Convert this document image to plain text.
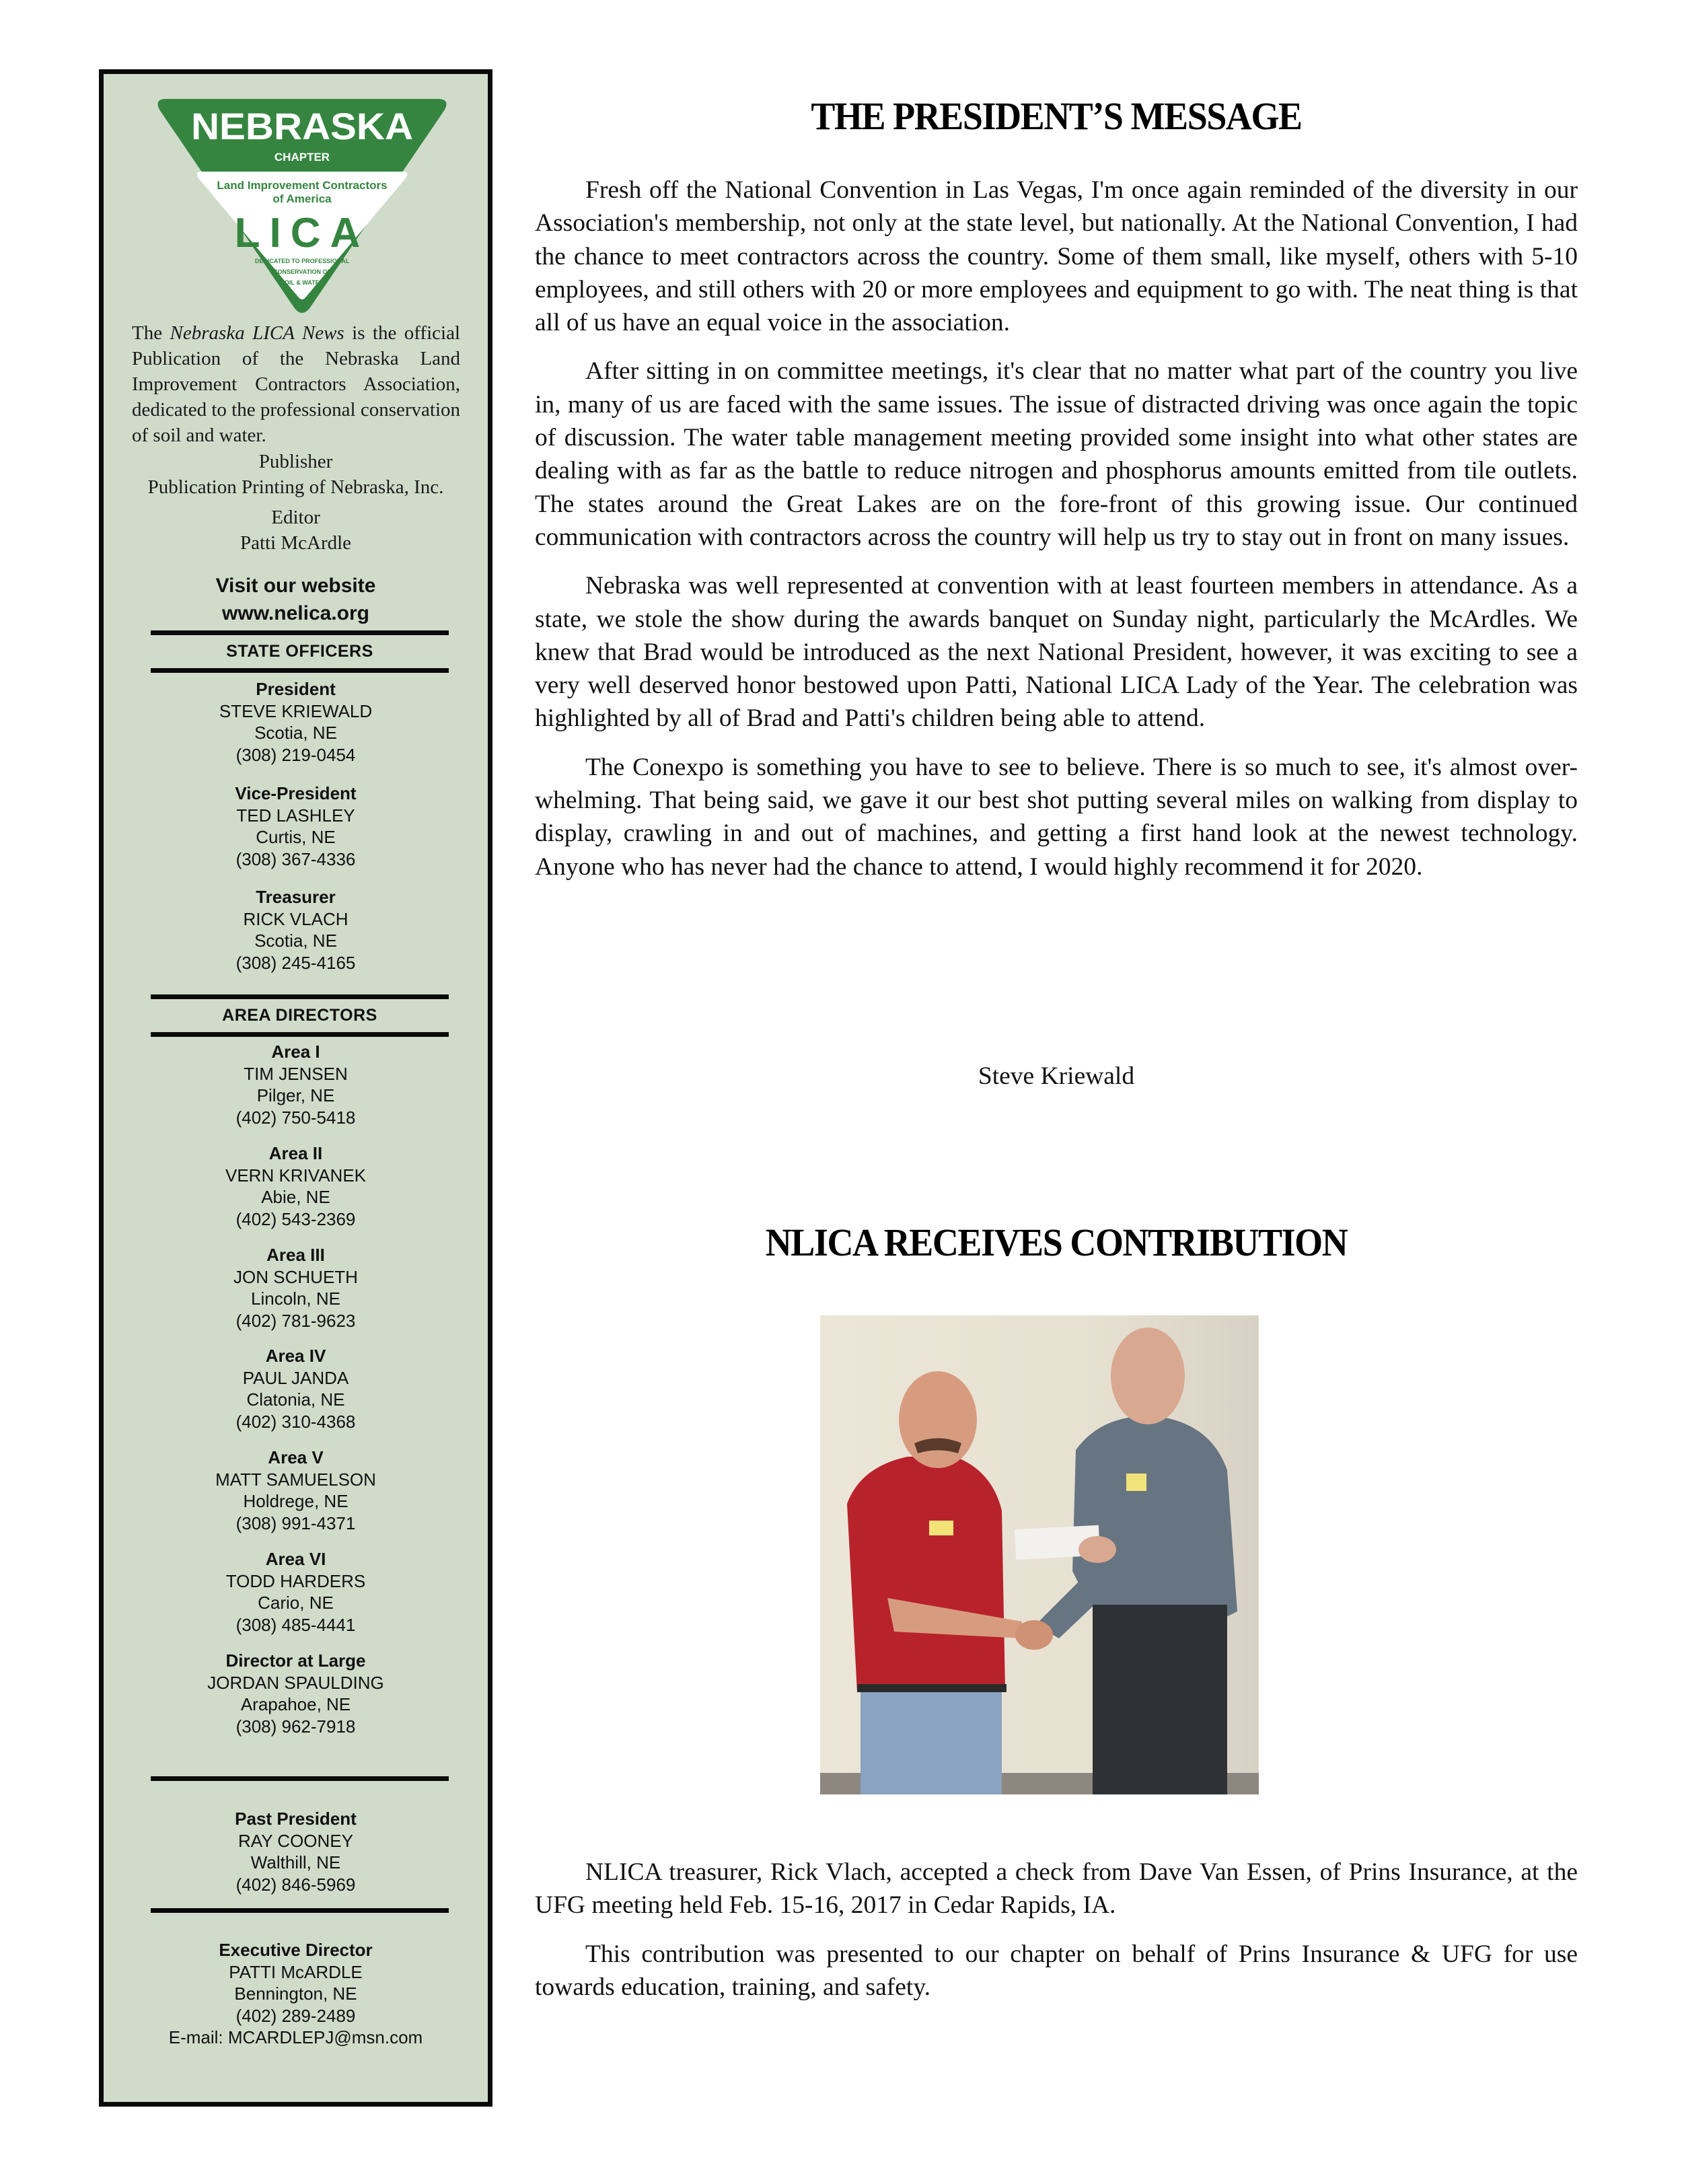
NEBRASKA
CHAPTER
Land Improvement Contractors
of America
LICA
DEDICATED TO PROFESSIONAL
CONSERVATION OF
SOIL & WATER
The Nebraska LICA News is the official Publication of the Nebraska Land Improvement Contractors Association, dedicated to the professional conservation of soil and water.
Publisher
Publication Printing of Nebraska, Inc.
Editor
Patti McArdle
Visit our website
www.nelica.org
STATE OFFICERS
President
STEVE KRIEWALD
Scotia, NE
(308) 219-0454
Vice-President
TED LASHLEY
Curtis, NE
(308) 367-4336
Treasurer
RICK VLACH
Scotia, NE
(308) 245-4165
AREA DIRECTORS
Area I
TIM JENSEN
Pilger, NE
(402) 750-5418
Area II
VERN KRIVANEK
Abie, NE
(402) 543-2369
Area III
JON SCHUETH
Lincoln, NE
(402) 781-9623
Area IV
PAUL JANDA
Clatonia, NE
(402) 310-4368
Area V
MATT SAMUELSON
Holdrege, NE
(308) 991-4371
Area VI
TODD HARDERS
Cario, NE
(308) 485-4441
Director at Large
JORDAN SPAULDING
Arapahoe, NE
(308) 962-7918
Past President
RAY COONEY
Walthill, NE
(402) 846-5969
Executive Director
PATTI McARDLE
Bennington, NE
(402) 289-2489
E-mail: MCARDLEPJ@msn.com
THE PRESIDENT’S MESSAGE

Fresh off the National Convention in Las Vegas, I'm once again reminded of the diversity in our Association's membership, not only at the state level, but nationally. At the National Convention, I had the chance to meet contractors across the country. Some of them small, like myself, others with 5-10 employees, and still others with 20 or more employees and equipment to go with. The neat thing is that all of us have an equal voice in the association.

After sitting in on committee meetings, it's clear that no matter what part of the country you live in, many of us are faced with the same issues. The issue of distracted driving was once again the topic of discussion. The water table management meeting provided some insight into what other states are dealing with as far as the battle to reduce nitrogen and phosphorus amounts emitted from tile outlets. The states around the Great Lakes are on the fore-front of this growing issue. Our continued communication with contractors across the country will help us try to stay out in front on many issues.

Nebraska was well represented at convention with at least fourteen members in attendance. As a state, we stole the show during the awards banquet on Sunday night, particularly the McArdles. We knew that Brad would be introduced as the next National President, however, it was exciting to see a very well deserved honor bestowed upon Patti, National LICA Lady of the Year. The celebration was highlighted by all of Brad and Patti's children being able to attend.

The Conexpo is something you have to see to believe. There is so much to see, it's almost over-whelming. That being said, we gave it our best shot putting several miles on walking from display to display, crawling in and out of machines, and getting a first hand look at the newest technology. Anyone who has never had the chance to attend, I would highly recommend it for 2020.

Steve Kriewald
NLICA RECEIVES CONTRIBUTION

NLICA treasurer, Rick Vlach, accepted a check from Dave Van Essen, of Prins Insurance, at the UFG meeting held Feb. 15-16, 2017 in Cedar Rapids, IA.

This contribution was presented to our chapter on behalf of Prins Insurance & UFG for use towards education, training, and safety.
